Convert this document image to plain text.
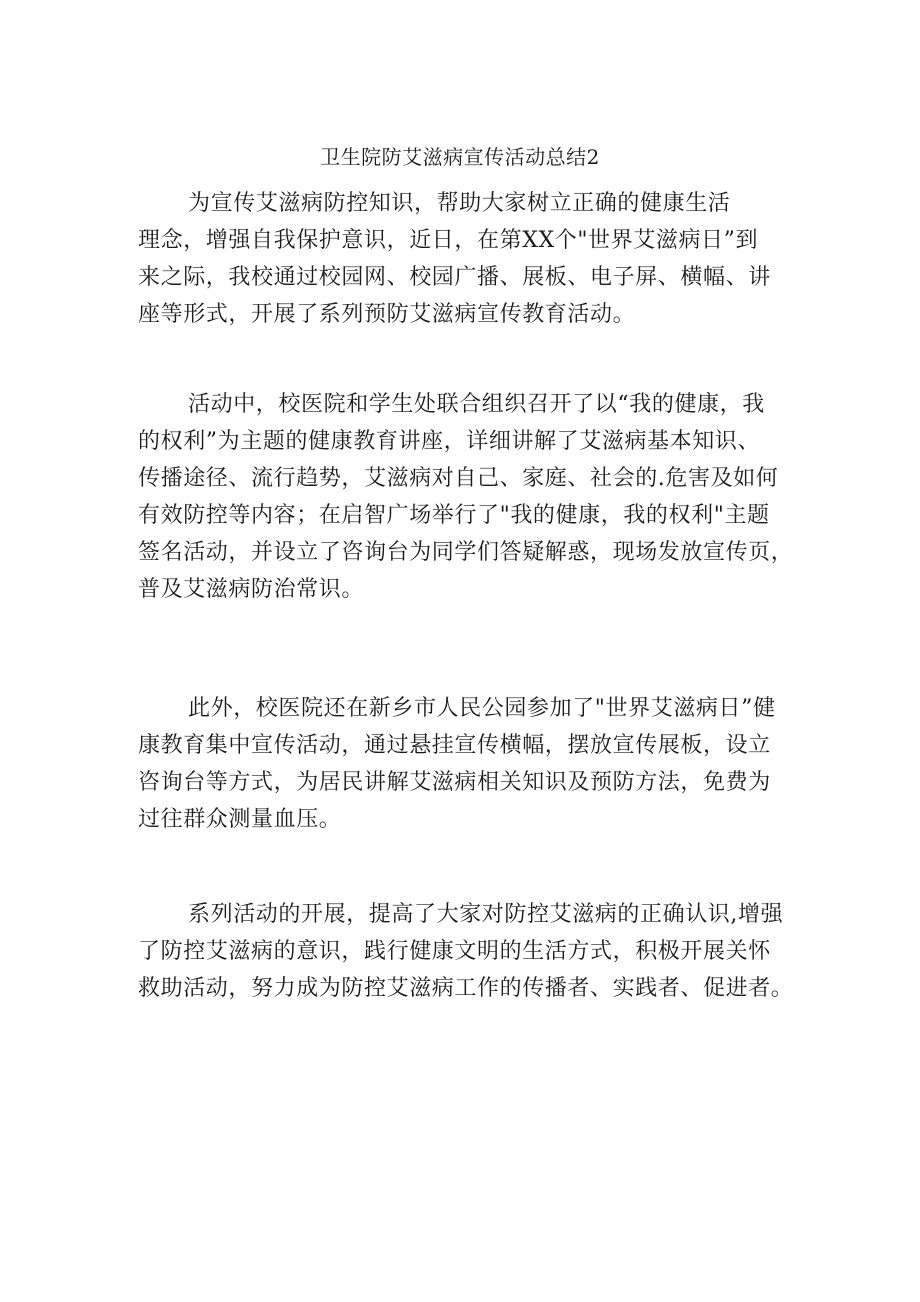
卫生院防艾滋病宣传活动总结2
为宣传艾滋病防控知识，帮助大家树立正确的健康生活
理念，增强自我保护意识，近日，在第XX个"世界艾滋病日”到
来之际，我校通过校园网、校园广播、展板、电子屏、横幅、讲
座等形式，开展了系列预防艾滋病宣传教育活动。
活动中，校医院和学生处联合组织召开了以“我的健康，我
的权利”为主题的健康教育讲座，详细讲解了艾滋病基本知识、
传播途径、流行趋势，艾滋病对自己、家庭、社会的.危害及如何
有效防控等内容；在启智广场举行了"我的健康，我的权利"主题
签名活动，并设立了咨询台为同学们答疑解惑，现场发放宣传页，
普及艾滋病防治常识。
此外，校医院还在新乡市人民公园参加了"世界艾滋病日”健
康教育集中宣传活动，通过悬挂宣传横幅，摆放宣传展板，设立
咨询台等方式，为居民讲解艾滋病相关知识及预防方法，免费为
过往群众测量血压。
系列活动的开展，提高了大家对防控艾滋病的正确认识,增强
了防控艾滋病的意识，践行健康文明的生活方式，积极开展关怀
救助活动，努力成为防控艾滋病工作的传播者、实践者、促进者。
